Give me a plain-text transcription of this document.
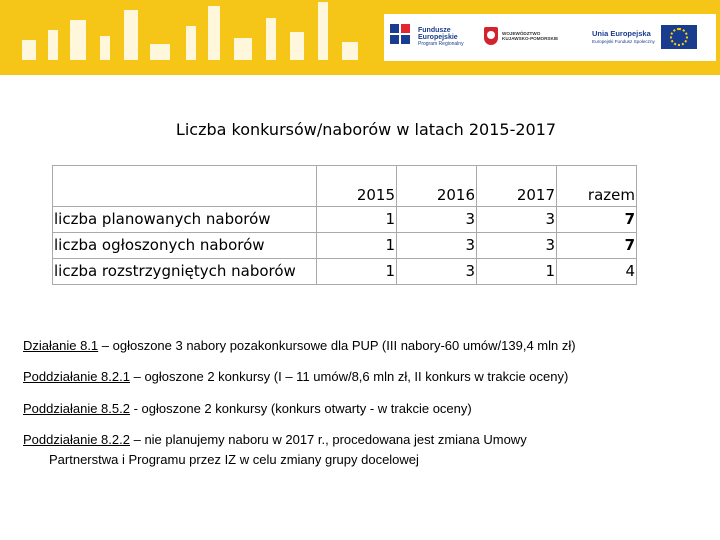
Fundusze
Europejskie
Program Regionalny
WOJEWÓDZTWO
KUJAWSKO-POMORSKIE
Unia Europejska
Europejski Fundusz Społeczny
Liczba konkursów/naborów w latach 2015-2017
	2015	2016	2017	razem
liczba planowanych naborów	1	3	3	7
liczba ogłoszonych naborów	1	3	3	7
liczba rozstrzygniętych naborów	1	3	1	4
Działanie 8.1 – ogłoszone 3 nabory pozakonkursowe dla PUP (III nabory-60 umów/139,4 mln zł)
Poddziałanie 8.2.1 – ogłoszone 2 konkursy (I – 11 umów/8,6 mln zł, II konkurs w trakcie oceny)
Poddziałanie 8.5.2 - ogłoszone 2 konkursy (konkurs otwarty - w trakcie oceny)
Poddziałanie 8.2.2 – nie planujemy naboru w 2017 r., procedowana jest zmiana Umowy
Partnerstwa i Programu przez IZ w celu zmiany grupy docelowej
